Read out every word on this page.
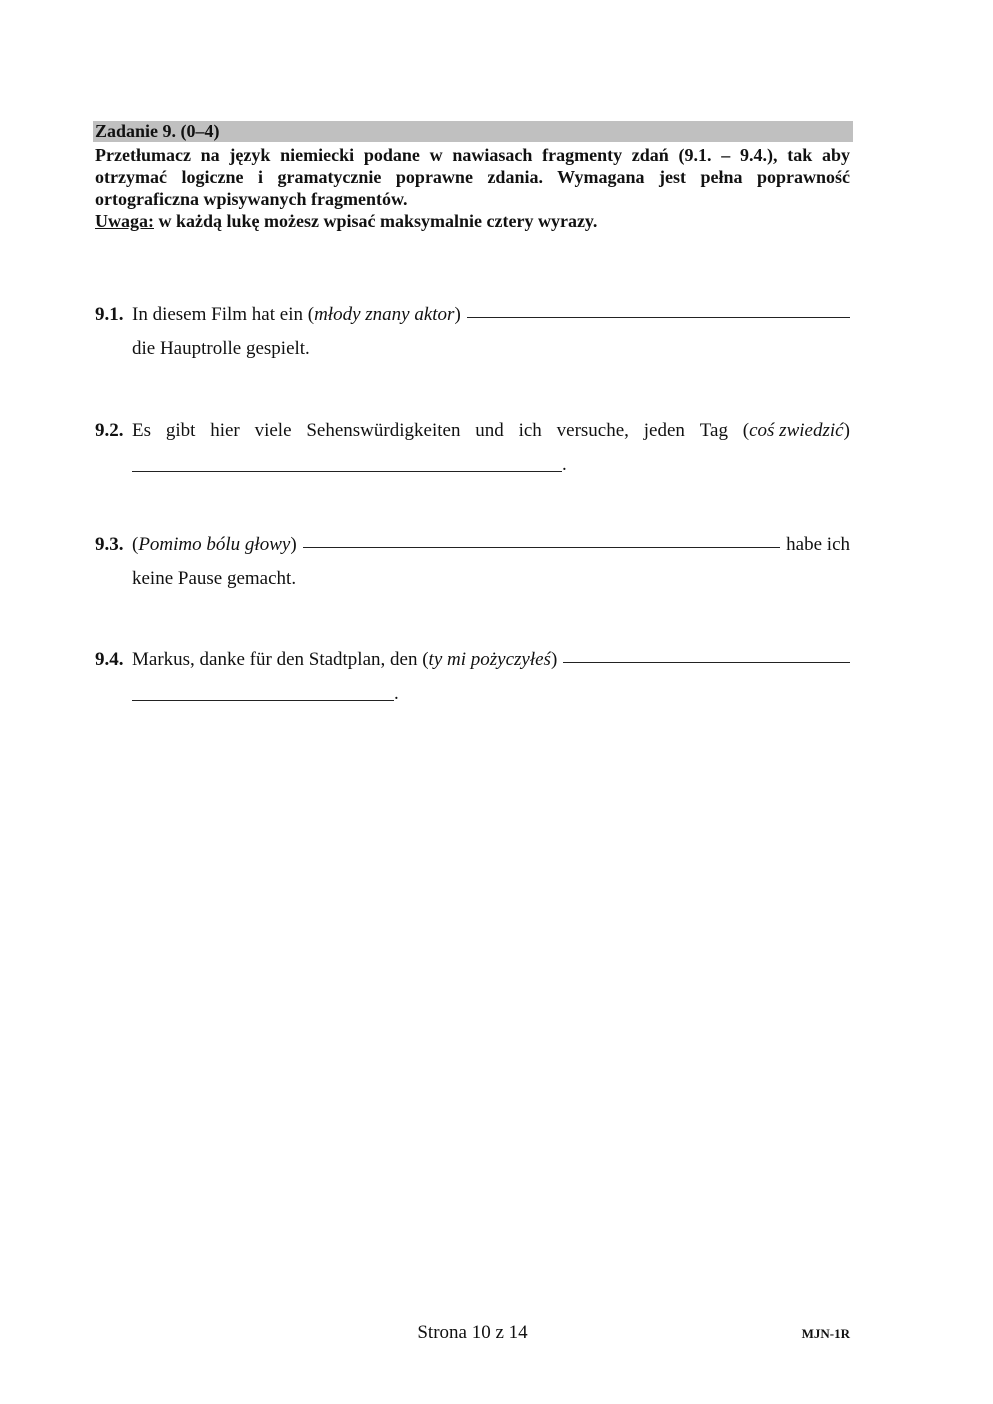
Zadanie 9. (0–4)
Przetłumacz na język niemiecki podane w nawiasach fragmenty zdań (9.1. – 9.4.), tak aby otrzymać logiczne i gramatycznie poprawne zdania. Wymagana jest pełna poprawność ortograficzna wpisywanych fragmentów.
Uwaga: w każdą lukę możesz wpisać maksymalnie cztery wyrazy.
9.1. In diesem Film hat ein (młody znany aktor)
die Hauptrolle gespielt.
9.2. Es gibt hier viele Sehenswürdigkeiten und ich versuche, jeden Tag (coś zwiedzić)
.
9.3. (Pomimo bólu głowy)	habe ich
keine Pause gemacht.
9.4. Markus, danke für den Stadtplan, den (ty mi pożyczyłeś)
.
Strona 10 z 14	MJN-1R
